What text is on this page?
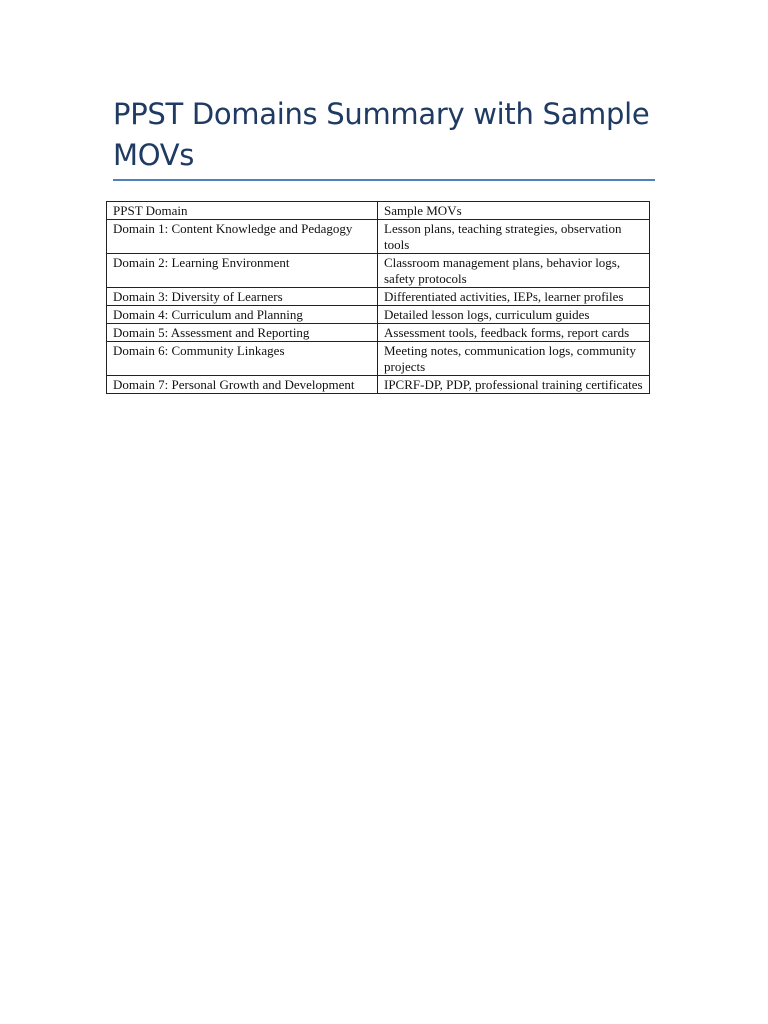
PPST Domains Summary with Sample MOVs
PPST Domain	Sample MOVs
Domain 1: Content Knowledge and Pedagogy	Lesson plans, teaching strategies, observation tools
Domain 2: Learning Environment	Classroom management plans, behavior logs, safety protocols
Domain 3: Diversity of Learners	Differentiated activities, IEPs, learner profiles
Domain 4: Curriculum and Planning	Detailed lesson logs, curriculum guides
Domain 5: Assessment and Reporting	Assessment tools, feedback forms, report cards
Domain 6: Community Linkages	Meeting notes, communication logs, community projects
Domain 7: Personal Growth and Development	IPCRF-DP, PDP, professional training certificates
